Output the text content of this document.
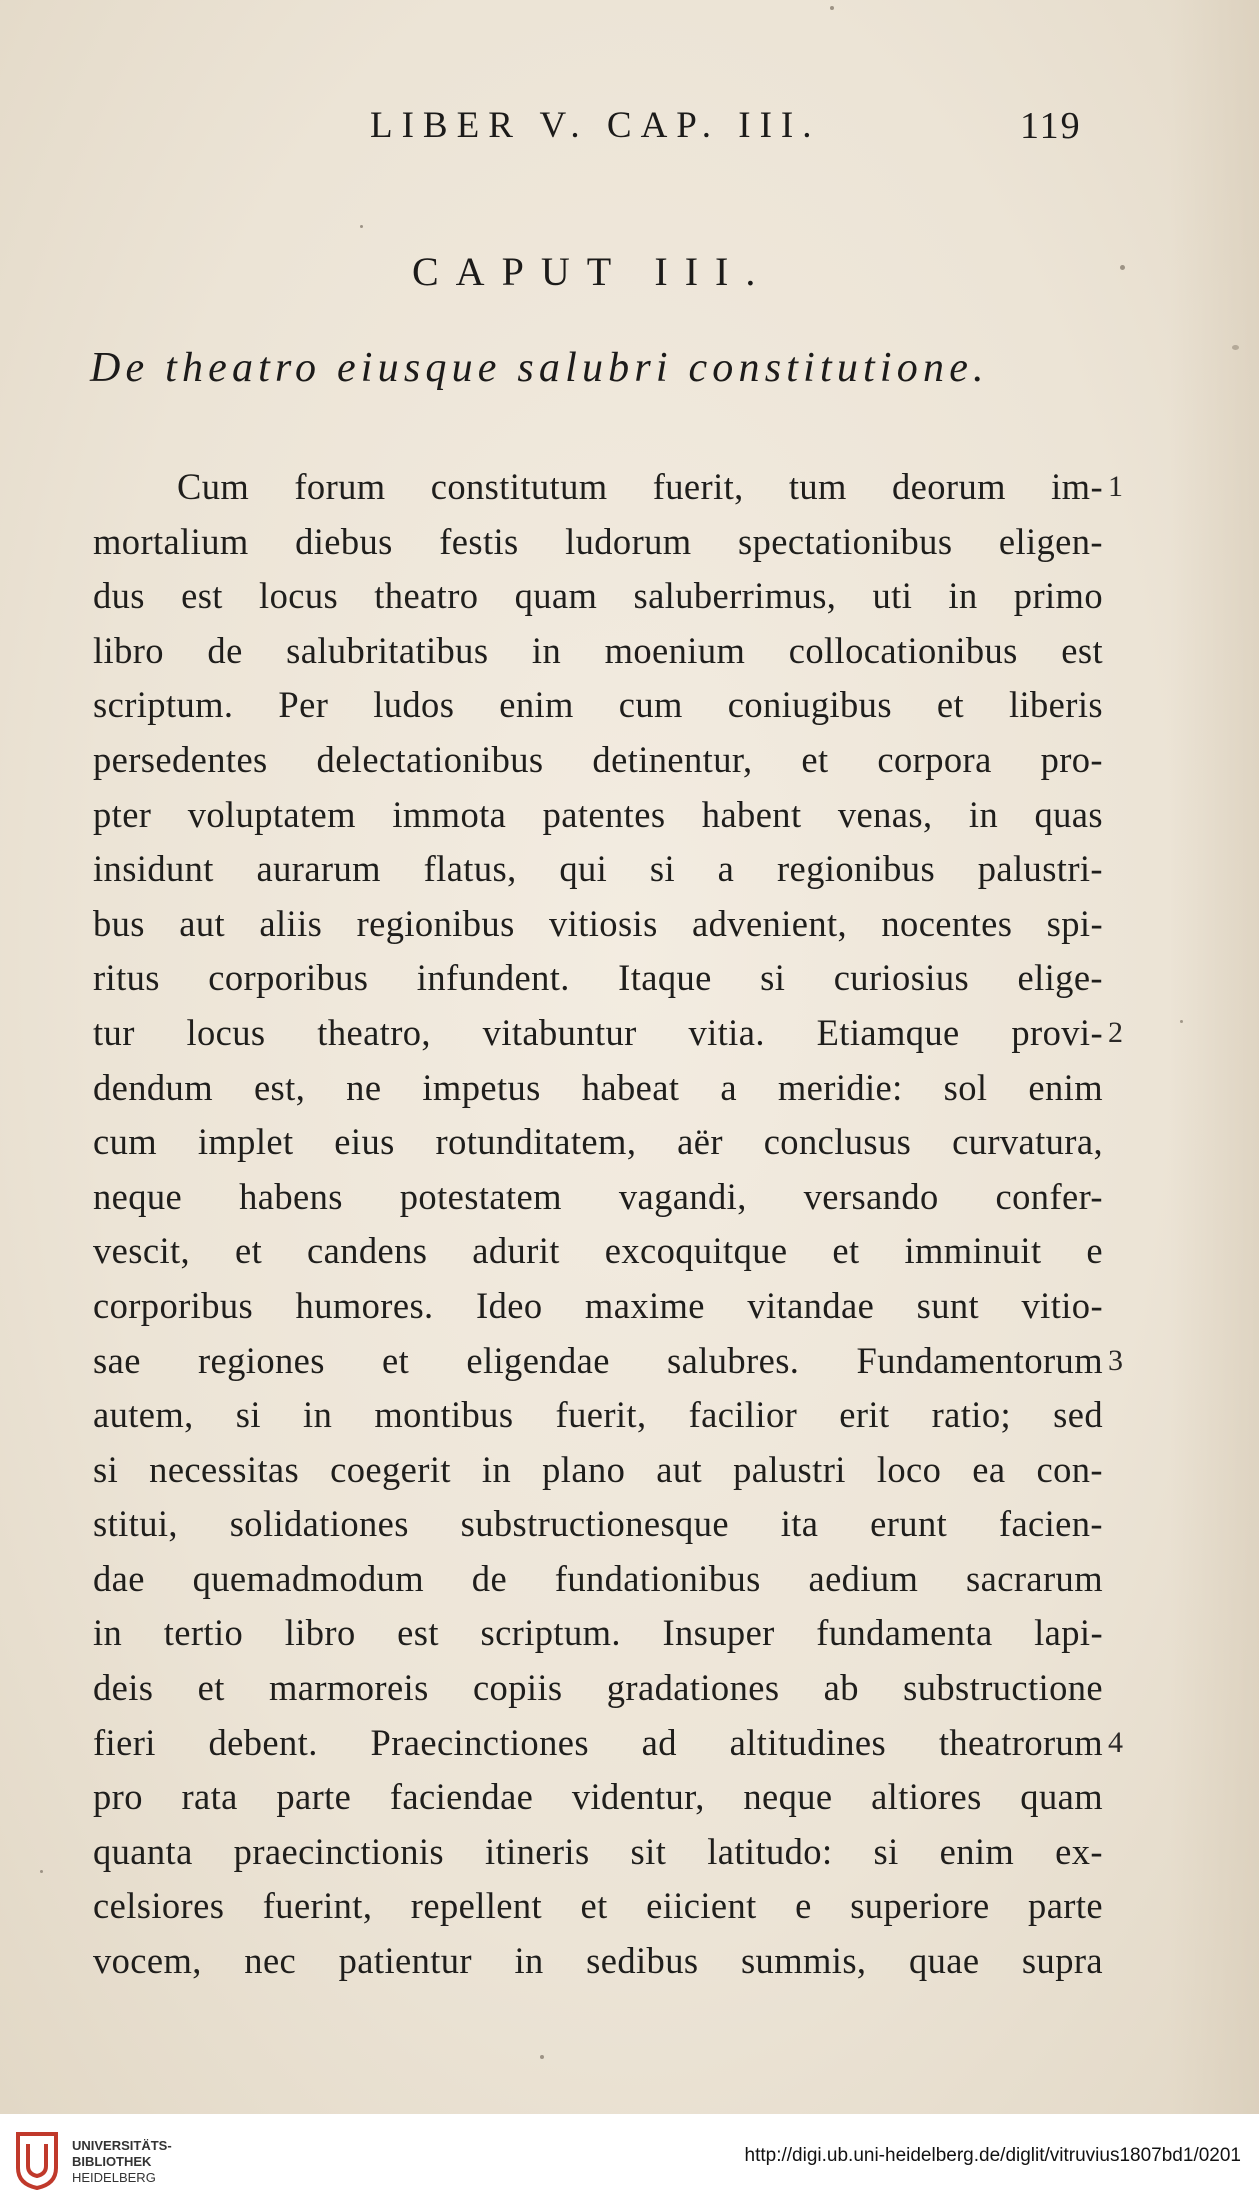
LIBER V. CAP. III.	119
CAPUT III.
De theatro eiusque salubri constitutione.
Cum forum constitutum fuerit, tum deorum im- 1
mortalium diebus festis ludorum spectationibus eligen-
dus est locus theatro quam saluberrimus, uti in primo
libro de salubritatibus in moenium collocationibus est
scriptum. Per ludos enim cum coniugibus et liberis
persedentes delectationibus detinentur, et corpora pro-
pter voluptatem immota patentes habent venas, in quas
insidunt aurarum flatus, qui si a regionibus palustri-
bus aut aliis regionibus vitiosis advenient, nocentes spi-
ritus corporibus infundent. Itaque si curiosius elige-
tur locus theatro, vitabuntur vitia. Etiamque provi- 2
dendum est, ne impetus habeat a meridie: sol enim
cum implet eius rotunditatem, aër conclusus curvatura,
neque habens potestatem vagandi, versando confer-
vescit, et candens adurit excoquitque et imminuit e
corporibus humores. Ideo maxime vitandae sunt vitio-
sae regiones et eligendae salubres. Fundamentorum 3
autem, si in montibus fuerit, facilior erit ratio; sed
si necessitas coegerit in plano aut palustri loco ea con-
stitui, solidationes substructionesque ita erunt facien-
dae quemadmodum de fundationibus aedium sacrarum
in tertio libro est scriptum. Insuper fundamenta lapi-
deis et marmoreis copiis gradationes ab substructione
fieri debent. Praecinctiones ad altitudines theatrorum 4
pro rata parte faciendae videntur, neque altiores quam
quanta praecinctionis itineris sit latitudo: si enim ex-
celsiores fuerint, repellent et eiicient e superiore parte
vocem, nec patientur in sedibus summis, quae supra
UNIVERSITÄTS-
BIBLIOTHEK
HEIDELBERG
http://digi.ub.uni-heidelberg.de/diglit/vitruvius1807bd1/0201
